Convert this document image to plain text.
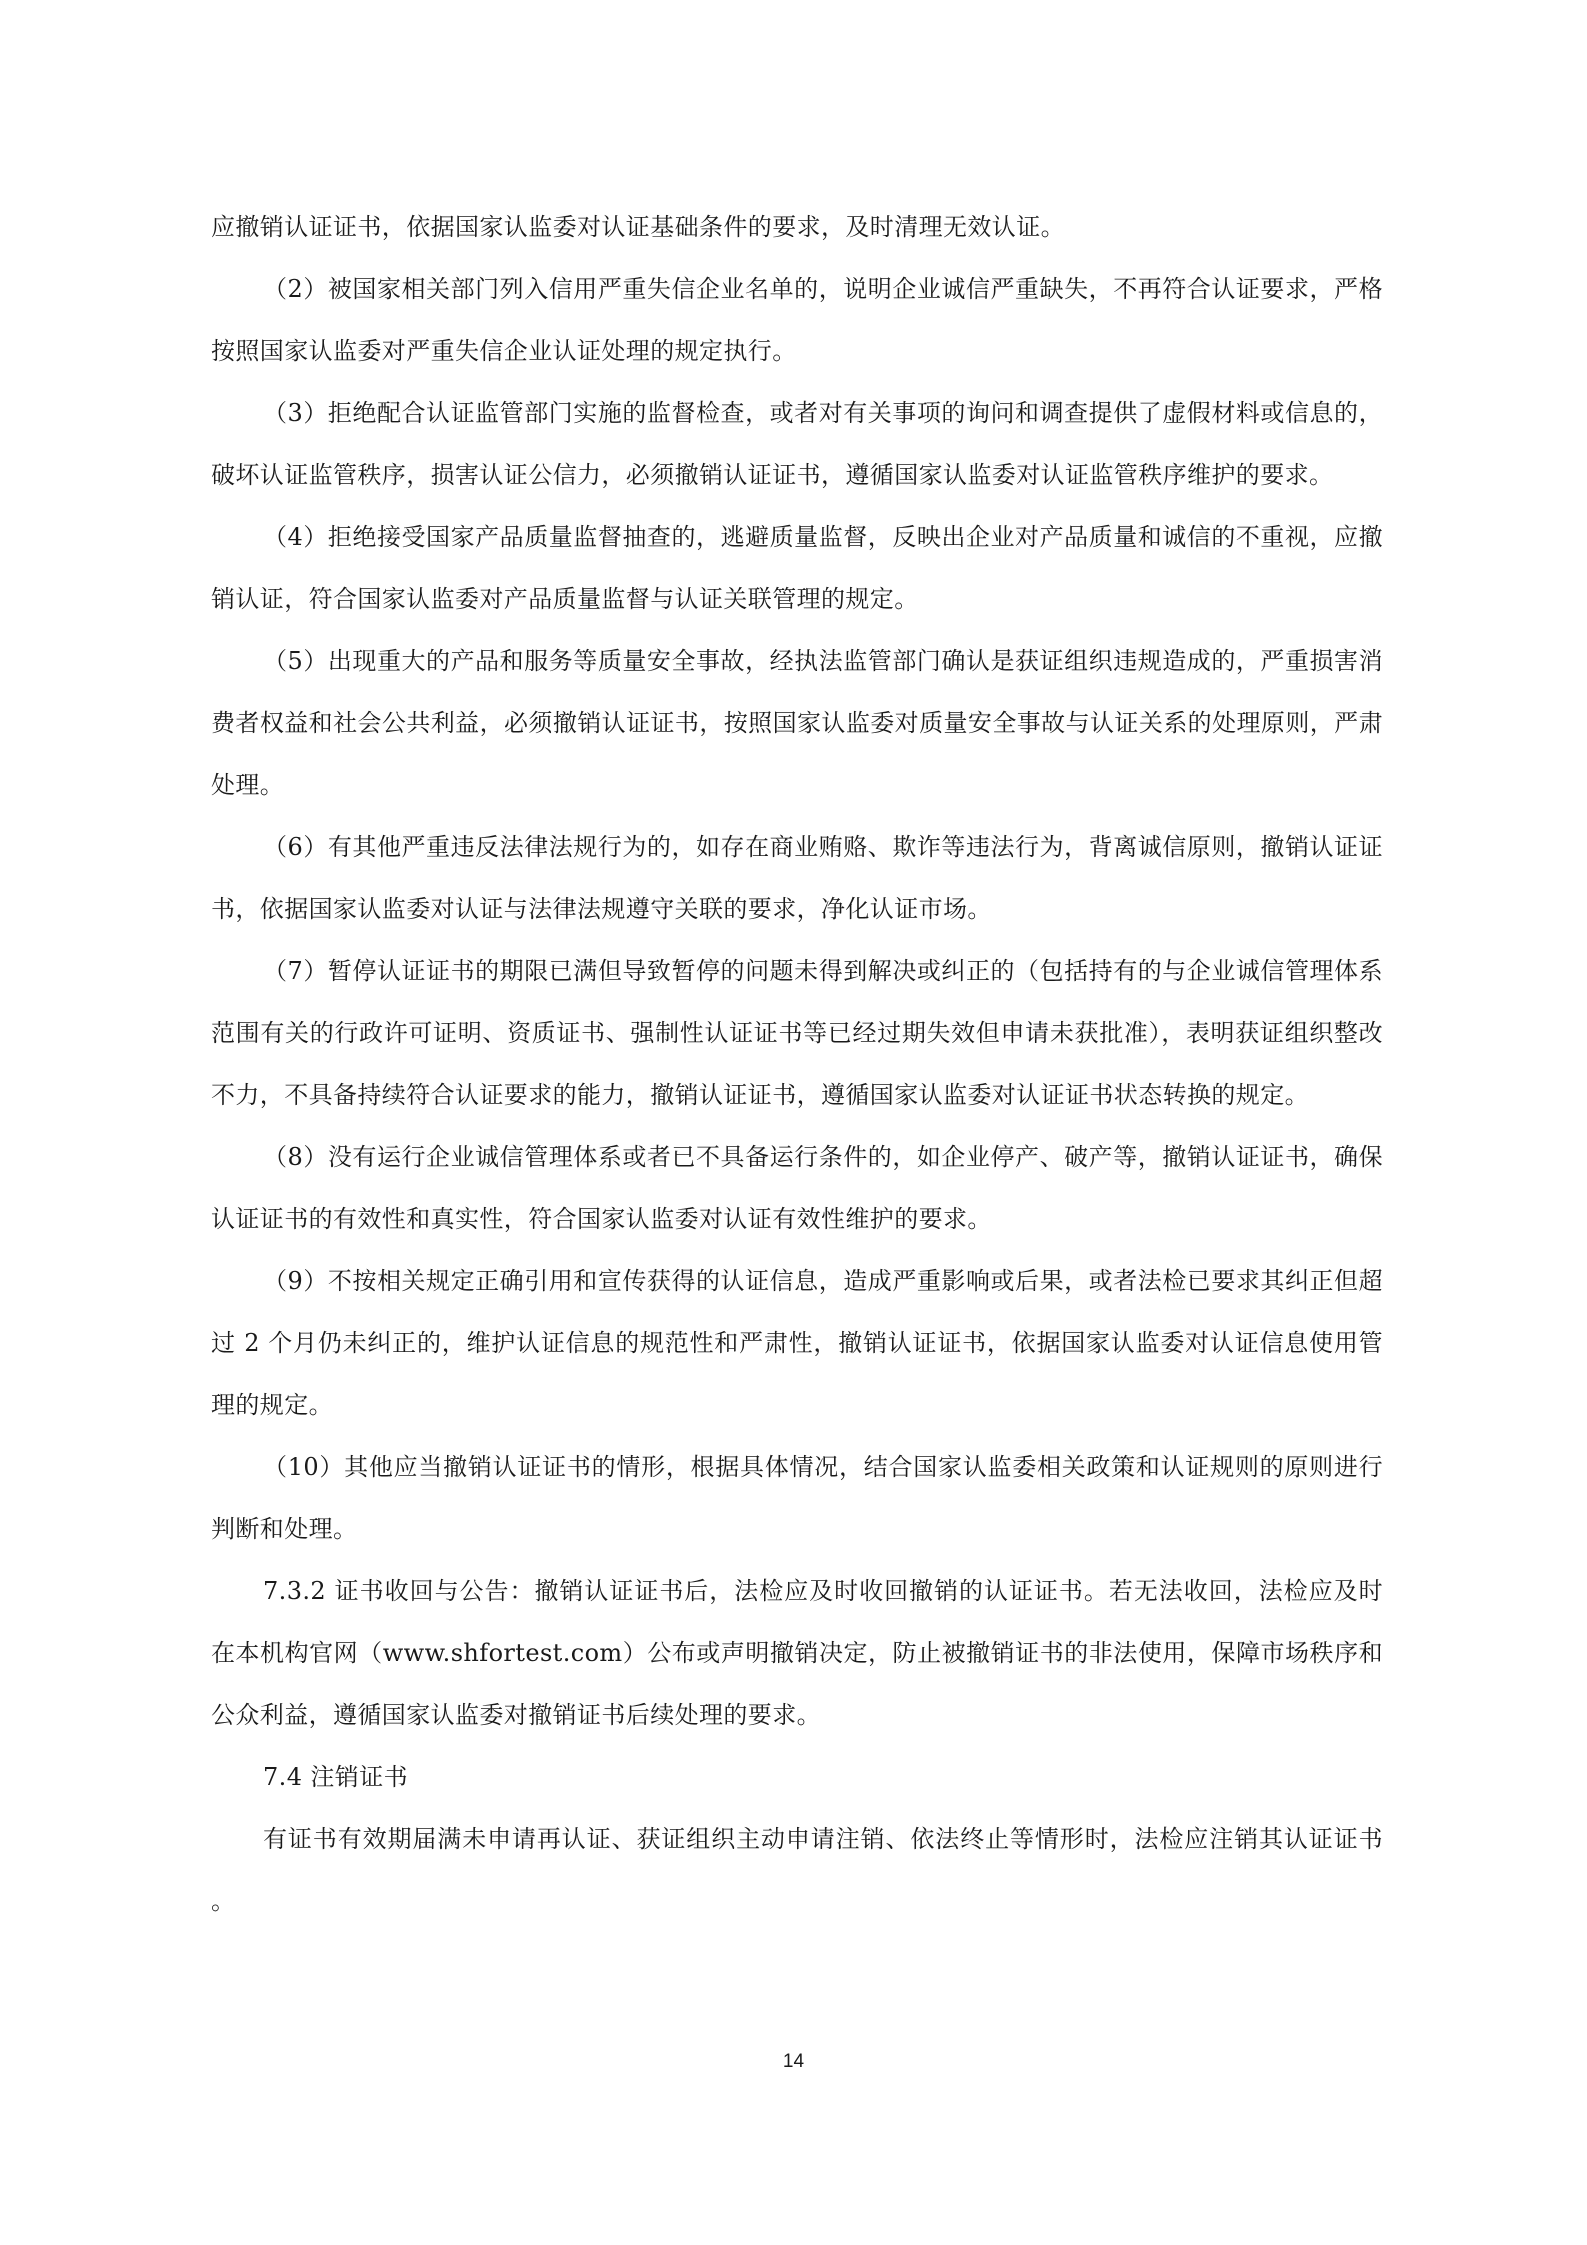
应撤销认证证书，依据国家认监委对认证基础条件的要求，及时清理无效认证。

（2）被国家相关部门列入信用严重失信企业名单的，说明企业诚信严重缺失，不再符合认证要求，严格按照国家认监委对严重失信企业认证处理的规定执行。

（3）拒绝配合认证监管部门实施的监督检查，或者对有关事项的询问和调查提供了虚假材料或信息的，破坏认证监管秩序，损害认证公信力，必须撤销认证证书，遵循国家认监委对认证监管秩序维护的要求。

（4）拒绝接受国家产品质量监督抽查的，逃避质量监督，反映出企业对产品质量和诚信的不重视，应撤销认证，符合国家认监委对产品质量监督与认证关联管理的规定。

（5）出现重大的产品和服务等质量安全事故，经执法监管部门确认是获证组织违规造成的，严重损害消费者权益和社会公共利益，必须撤销认证证书，按照国家认监委对质量安全事故与认证关系的处理原则，严肃处理。

（6）有其他严重违反法律法规行为的，如存在商业贿赂、欺诈等违法行为，背离诚信原则，撤销认证证书，依据国家认监委对认证与法律法规遵守关联的要求，净化认证市场。

（7）暂停认证证书的期限已满但导致暂停的问题未得到解决或纠正的（包括持有的与企业诚信管理体系范围有关的行政许可证明、资质证书、强制性认证证书等已经过期失效但申请未获批准），表明获证组织整改不力，不具备持续符合认证要求的能力，撤销认证证书，遵循国家认监委对认证证书状态转换的规定。

（8）没有运行企业诚信管理体系或者已不具备运行条件的，如企业停产、破产等，撤销认证证书，确保认证证书的有效性和真实性，符合国家认监委对认证有效性维护的要求。

（9）不按相关规定正确引用和宣传获得的认证信息，造成严重影响或后果，或者法检已要求其纠正但超过 2 个月仍未纠正的，维护认证信息的规范性和严肃性，撤销认证证书，依据国家认监委对认证信息使用管理的规定。

（10）其他应当撤销认证证书的情形，根据具体情况，结合国家认监委相关政策和认证规则的原则进行判断和处理。

7.3.2 证书收回与公告：撤销认证证书后，法检应及时收回撤销的认证证书。若无法收回，法检应及时在本机构官网（www.shfortest.com）公布或声明撤销决定，防止被撤销证书的非法使用，保障市场秩序和公众利益，遵循国家认监委对撤销证书后续处理的要求。

7.4 注销证书

有证书有效期届满未申请再认证、获证组织主动申请注销、依法终止等情形时，法检应注销其认证证书。

14
